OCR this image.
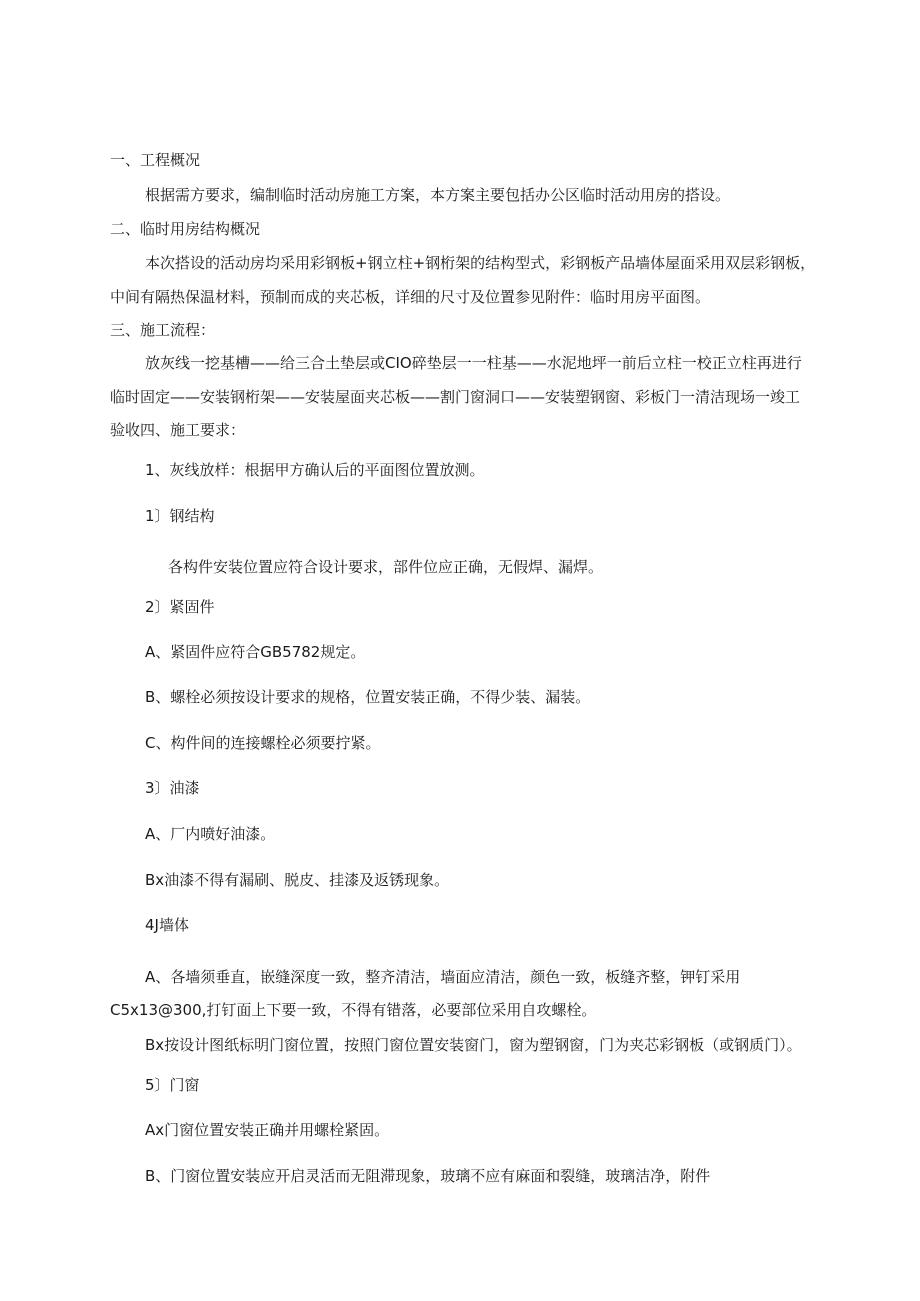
一、工程概况
根据需方要求，编制临时活动房施工方案，本方案主要包括办公区临时活动用房的搭设。
二、临时用房结构概况
本次搭设的活动房均采用彩钢板+钢立柱+钢桁架的结构型式，彩钢板产品墙体屋面采用双层彩钢板，
中间有隔热保温材料，预制而成的夹芯板，详细的尺寸及位置参见附件：临时用房平面图。
三、施工流程：
放灰线一挖基槽——给三合土垫层或CIO碎垫层一一柱基——水泥地坪一前后立柱一校正立柱再进行
临时固定——安装钢桁架——安装屋面夹芯板——割门窗洞口——安装塑钢窗、彩板门一清洁现场一竣工
验收四、施工要求：
1、灰线放样：根据甲方确认后的平面图位置放测。
1〕钢结构
各构件安装位置应符合设计要求，部件位应正确，无假焊、漏焊。
2〕紧固件
A、紧固件应符合GB5782规定。
B、螺栓必须按设计要求的规格，位置安装正确，不得少装、漏装。
C、构件间的连接螺栓必须要拧紧。
3〕油漆
A、厂内喷好油漆。
Bx油漆不得有漏刷、脱皮、挂漆及返锈现象。
4J墙体
A、各墙须垂直，嵌缝深度一致，整齐清洁，墙面应清洁，颜色一致，板缝齐整，钾钉采用
C5x13@300,打钉面上下要一致，不得有错落，必要部位采用自攻螺栓。
Bx按设计图纸标明门窗位置，按照门窗位置安装窗门，窗为塑钢窗，门为夹芯彩钢板（或钢质门）。
5〕门窗
Ax门窗位置安装正确并用螺栓紧固。
B、门窗位置安装应开启灵活而无阻滞现象，玻璃不应有麻面和裂缝，玻璃洁净，附件
